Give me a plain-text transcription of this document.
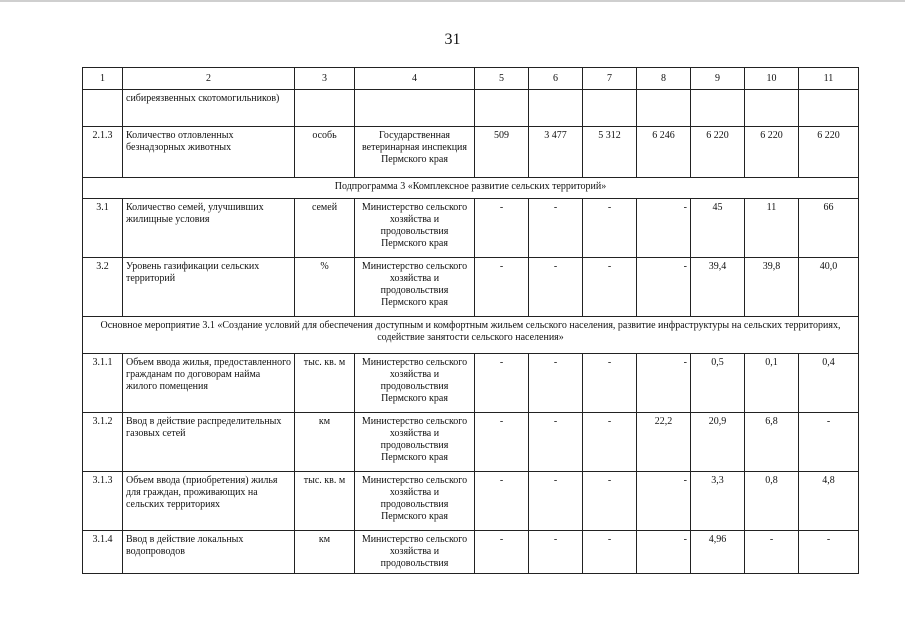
31
1	2	3	4	5	6	7	8	9	10	11
	сибиреязвенных скотомогильников)									
2.1.3	Количество отловленных безнадзорных животных	особь	Государственная ветеринарная инспекция Пермского края	509	3 477	5 312	6 246	6 220	6 220	6 220
Подпрограмма 3 «Комплексное развитие сельских территорий»										
3.1	Количество семей, улучшивших жилищные условия	семей	Министерство сельского хозяйства и продовольствия Пермского края	-	-	-	-	45	11	66
3.2	Уровень газификации сельских территорий	%	Министерство сельского хозяйства и продовольствия Пермского края	-	-	-	-	39,4	39,8	40,0
Основное мероприятие 3.1 «Создание условий для обеспечения доступным и комфортным жильем сельского населения, развитие инфраструктуры на сельских территориях, содействие занятости сельского населения»										
3.1.1	Объем ввода жилья, предоставленного гражданам по договорам найма жилого помещения	тыс. кв. м	Министерство сельского хозяйства и продовольствия Пермского края	-	-	-	-	0,5	0,1	0,4
3.1.2	Ввод в действие распределительных газовых сетей	км	Министерство сельского хозяйства и продовольствия Пермского края	-	-	-	22,2	20,9	6,8	-
3.1.3	Объем ввода (приобретения) жилья для граждан, проживающих на сельских территориях	тыс. кв. м	Министерство сельского хозяйства и продовольствия Пермского края	-	-	-	-	3,3	0,8	4,8
3.1.4	Ввод в действие локальных водопроводов	км	Министерство сельского хозяйства и продовольствия	-	-	-	-	4,96	-	-
